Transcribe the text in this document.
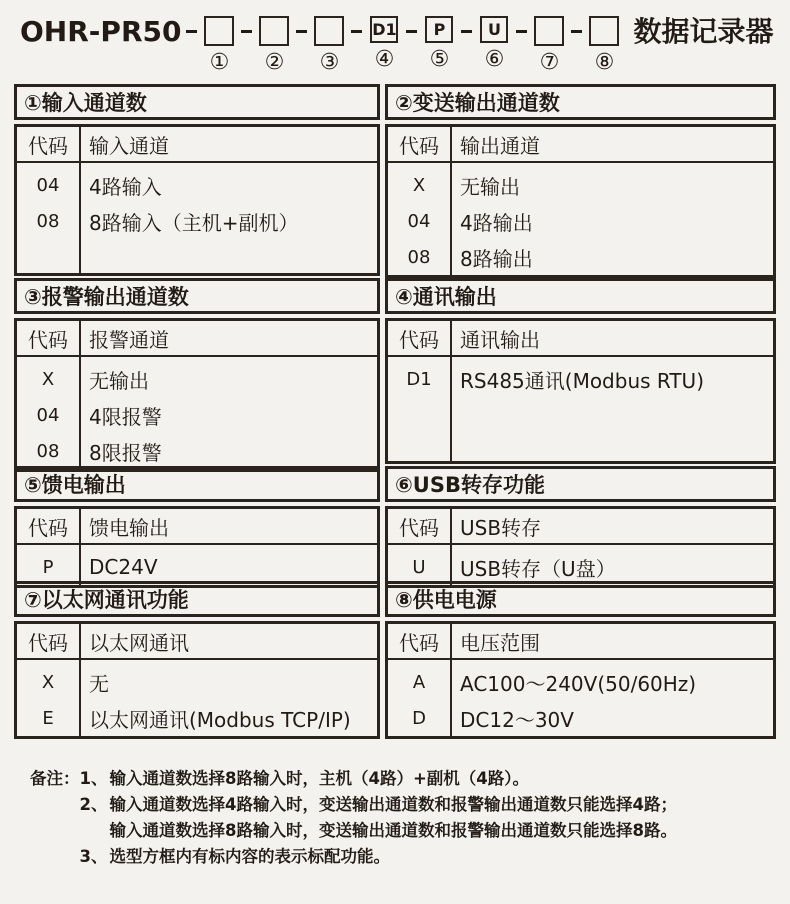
OHR-PR50
① ② ③
D1
④
P
⑤
U
⑥ ⑦ ⑧
数据记录器
①输入通道数
代码	输入通道
04	4路输入
08	8路输入（主机+副机）
②变送输出通道数
代码	输出通道
X	无输出
04	4路输出
08	8路输出
③报警输出通道数
代码	报警通道
X	无输出
04	4限报警
08	8限报警
④通讯输出
代码	通讯输出
D1	RS485通讯(Modbus RTU)
⑤馈电输出
代码	馈电输出
P	DC24V
⑥USB转存功能
代码	USB转存
U	USB转存（U盘）
⑦以太网通讯功能
代码	以太网通讯
X	无
E	以太网通讯(Modbus TCP/IP)
⑧供电电源
代码	电压范围
A	AC100～240V(50/60Hz)
D	DC12～30V
备注： 1、 输入通道数选择8路输入时，主机（4路）+副机（4路）。
2、 输入通道数选择4路输入时，变送输出通道数和报警输出通道数只能选择4路；
输入通道数选择8路输入时，变送输出通道数和报警输出通道数只能选择8路。
3、 选型方框内有标内容的表示标配功能。
